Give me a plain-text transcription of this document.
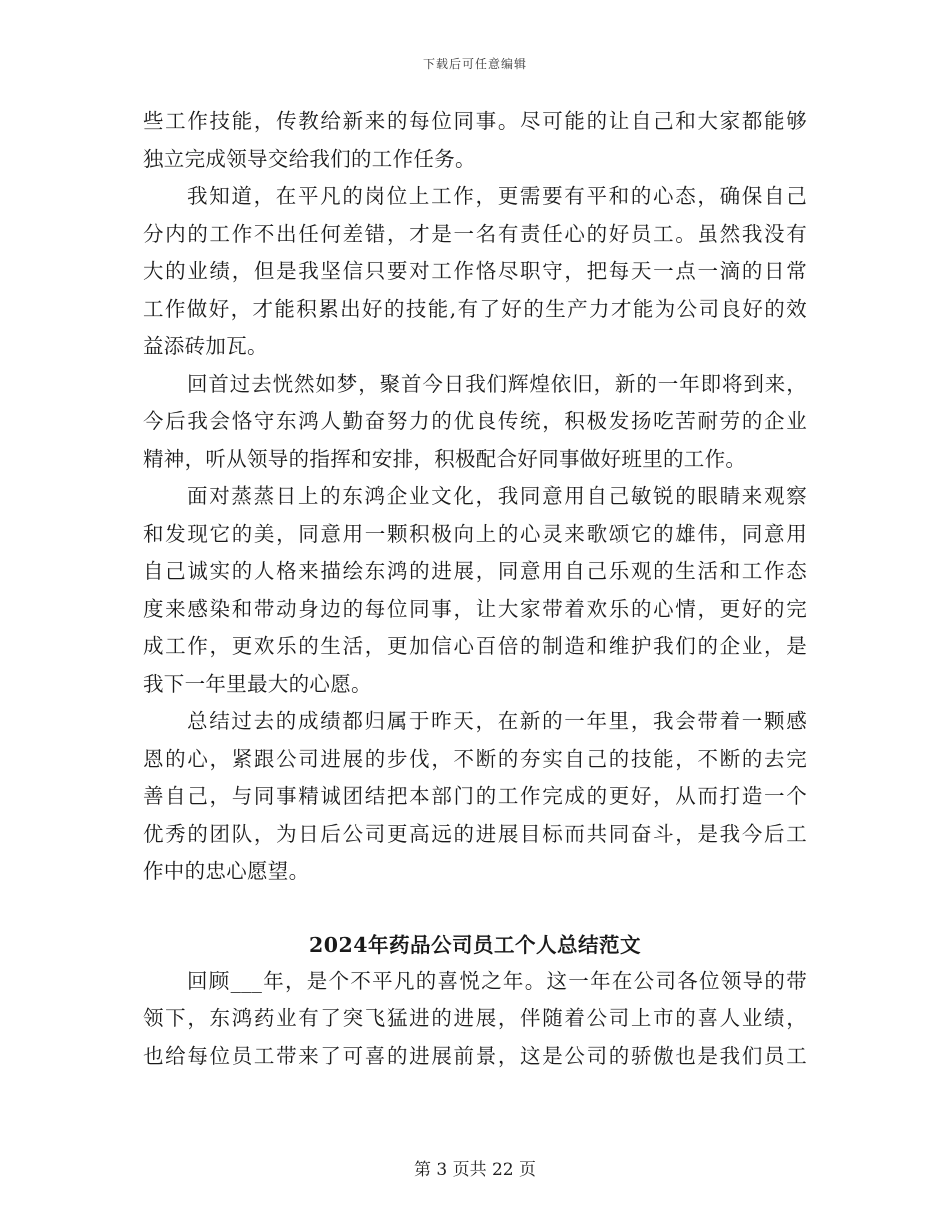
下载后可任意编辑
些工作技能，传教给新来的每位同事。尽可能的让自己和大家都能够
独立完成领导交给我们的工作任务。
我知道，在平凡的岗位上工作，更需要有平和的心态，确保自己
分内的工作不出任何差错，才是一名有责任心的好员工。虽然我没有
大的业绩，但是我坚信只要对工作恪尽职守，把每天一点一滴的日常
工作做好，才能积累出好的技能,有了好的生产力才能为公司良好的效
益添砖加瓦。
回首过去恍然如梦，聚首今日我们辉煌依旧，新的一年即将到来，
今后我会恪守东鸿人勤奋努力的优良传统，积极发扬吃苦耐劳的企业
精神，听从领导的指挥和安排，积极配合好同事做好班里的工作。
面对蒸蒸日上的东鸿企业文化，我同意用自己敏锐的眼睛来观察
和发现它的美，同意用一颗积极向上的心灵来歌颂它的雄伟，同意用
自己诚实的人格来描绘东鸿的进展，同意用自己乐观的生活和工作态
度来感染和带动身边的每位同事，让大家带着欢乐的心情，更好的完
成工作，更欢乐的生活，更加信心百倍的制造和维护我们的企业，是
我下一年里最大的心愿。
总结过去的成绩都归属于昨天，在新的一年里，我会带着一颗感
恩的心，紧跟公司进展的步伐，不断的夯实自己的技能，不断的去完
善自己，与同事精诚团结把本部门的工作完成的更好，从而打造一个
优秀的团队，为日后公司更高远的进展目标而共同奋斗，是我今后工
作中的忠心愿望。
2024年药品公司员工个人总结范文
回顾___年，是个不平凡的喜悦之年。这一年在公司各位领导的带
领下，东鸿药业有了突飞猛进的进展，伴随着公司上市的喜人业绩，
也给每位员工带来了可喜的进展前景，这是公司的骄傲也是我们员工
第 3 页共 22 页
